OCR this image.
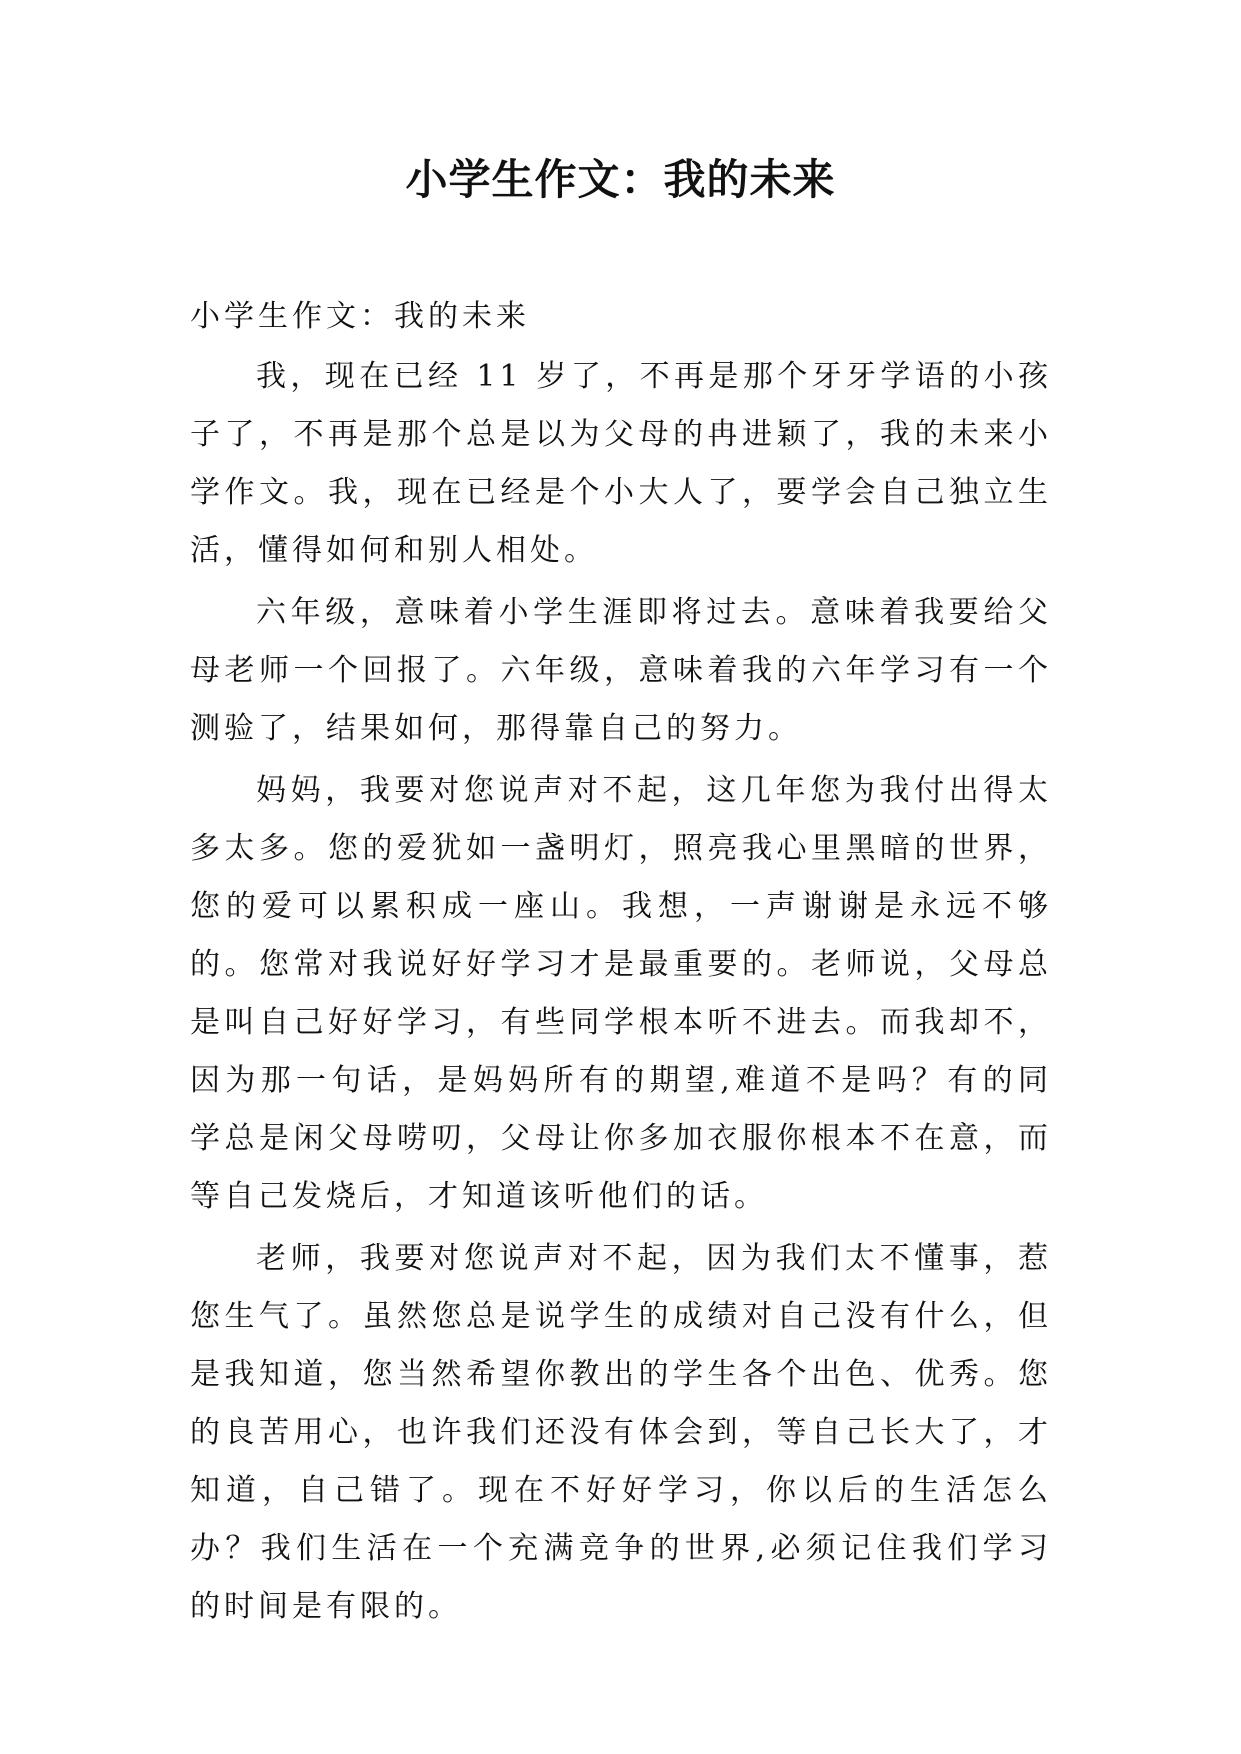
小学生作文：我的未来

小学生作文：我的未来

我，现在已经 11 岁了，不再是那个牙牙学语的小孩子了，不再是那个总是以为父母的冉进颖了，我的未来小学作文。我，现在已经是个小大人了，要学会自己独立生活，懂得如何和别人相处。

六年级，意味着小学生涯即将过去。意味着我要给父母老师一个回报了。六年级，意味着我的六年学习有一个测验了，结果如何，那得靠自己的努力。

妈妈，我要对您说声对不起，这几年您为我付出得太多太多。您的爱犹如一盏明灯，照亮我心里黑暗的世界，您的爱可以累积成一座山。我想，一声谢谢是永远不够的。您常对我说好好学习才是最重要的。老师说，父母总是叫自己好好学习，有些同学根本听不进去。而我却不，因为那一句话，是妈妈所有的期望,难道不是吗？有的同学总是闲父母唠叨，父母让你多加衣服你根本不在意，而等自己发烧后，才知道该听他们的话。

老师，我要对您说声对不起，因为我们太不懂事，惹您生气了。虽然您总是说学生的成绩对自己没有什么，但是我知道，您当然希望你教出的学生各个出色、优秀。您的良苦用心，也许我们还没有体会到，等自己长大了，才知道，自己错了。现在不好好学习，你以后的生活怎么办？我们生活在一个充满竞争的世界,必须记住我们学习的时间是有限的。
